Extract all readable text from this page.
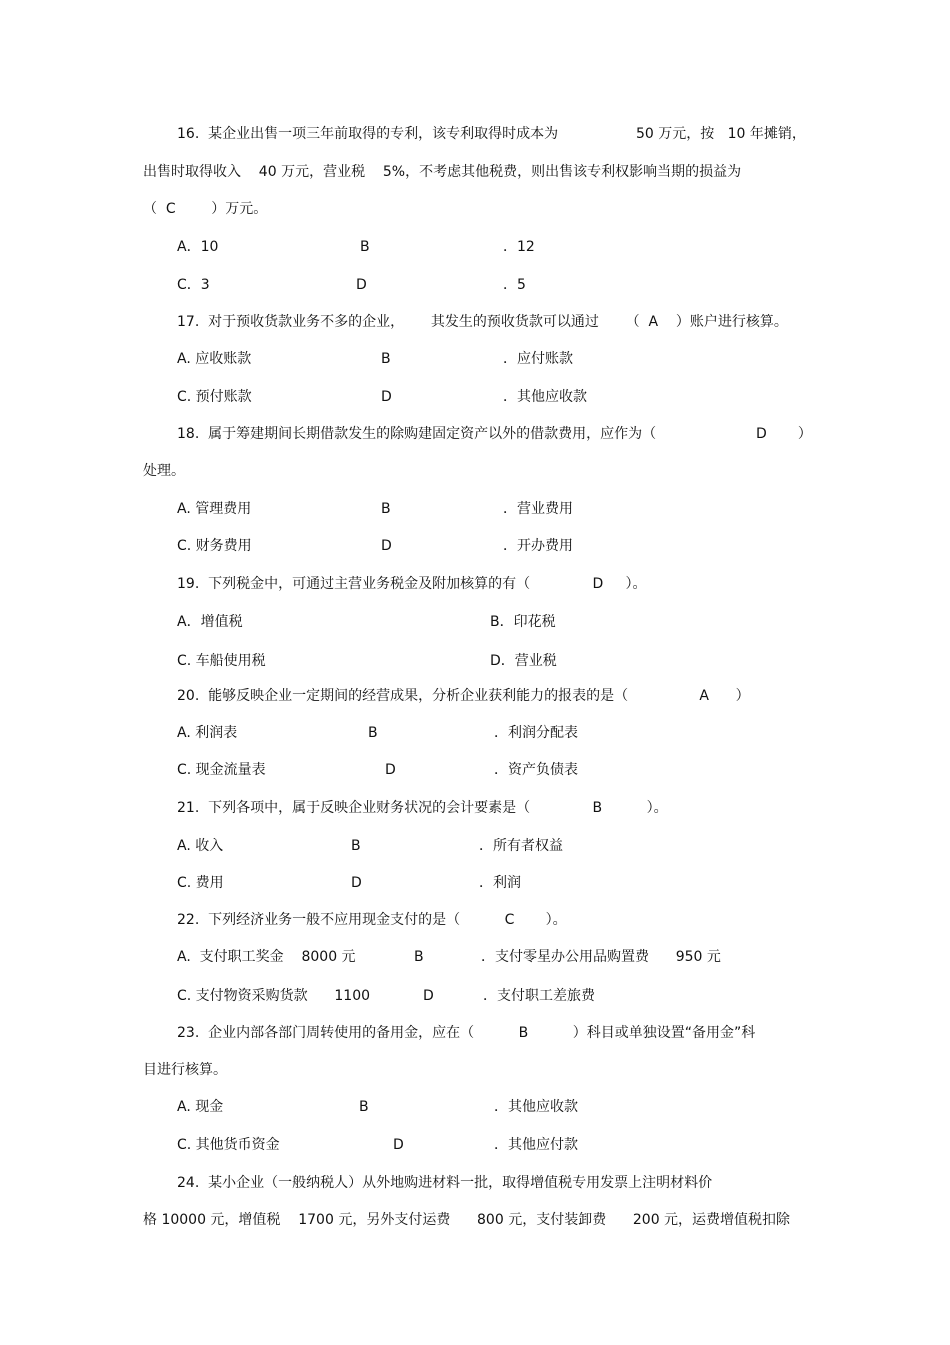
16.  某企业出售一项三年前取得的专利，该专利取得时成本为	50 万元，按   10 年摊销，
出售时取得收入    40 万元，营业税    5%，不考虑其他税费，则出售该专利权影响当期的损益为
（  C        ）万元。
A．10	B	．12
C．3	D	．5
17.  对于预收货款业务不多的企业，      其发生的预收货款可以通过      （  A    ）账户进行核算。
A. 应收账款	B	．应付账款
C. 预付账款	D	．其他应收款
18.  属于筹建期间长期借款发生的除购建固定资产以外的借款费用，应作为（	D       ）
处理。
A. 管理费用	B	．营业费用
C. 财务费用	D	．开办费用
19.  下列税金中，可通过主营业务税金及附加核算的有（              D     ）。
A．增值税	B．印花税
C. 车船使用税	D．营业税
20.  能够反映企业一定期间的经营成果，分析企业获利能力的报表的是（                A      ）
A. 利润表	B	．利润分配表
C. 现金流量表	D	．资产负债表
21.  下列各项中，属于反映企业财务状况的会计要素是（              B          ）。
A. 收入	B	．所有者权益
C. 费用	D	．利润
22.  下列经济业务一般不应用现金支付的是（          C       ）。
A.  支付职工奖金    8000 元	B	．支付零星办公用品购置费      950 元
C. 支付物资采购货款      1100	D	．支付职工差旅费
23.  企业内部各部门周转使用的备用金，应在（          B          ）科目或单独设置“备用金”科
目进行核算。
A. 现金	B	．其他应收款
C. 其他货币资金	D	．其他应付款
24.  某小企业（一般纳税人）从外地购进材料一批，取得增值税专用发票上注明材料价
格 10000 元，增值税    1700 元，另外支付运费      800 元，支付装卸费      200 元，运费增值税扣除
